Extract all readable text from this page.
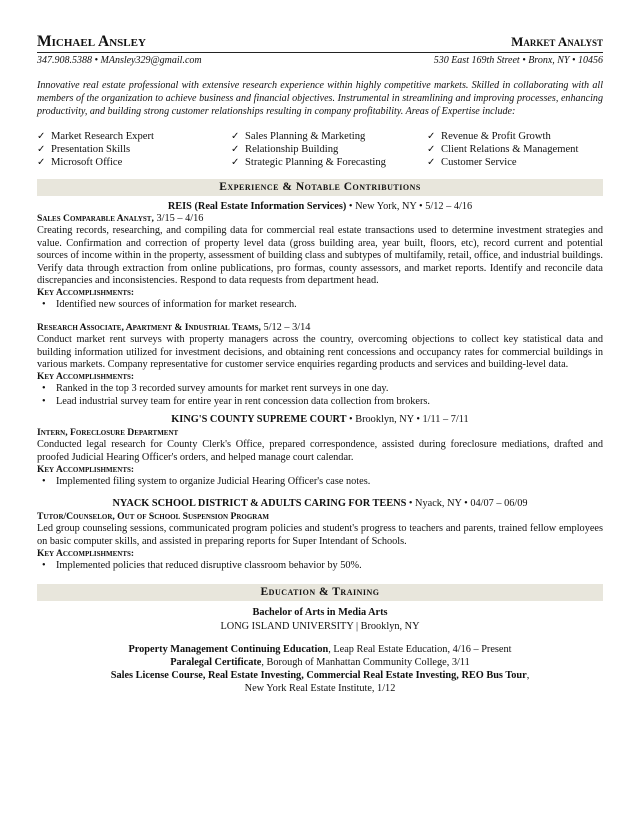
Michael Ansley	Market Analyst
347.908.5388 • MAnsley329@gmail.com	530 East 169th Street • Bronx, NY • 10456
Innovative real estate professional with extensive research experience within highly competitive markets. Skilled in collaborating with all members of the organization to achieve business and financial objectives. Instrumental in streamlining and improving processes, enhancing productivity, and building strong customer relationships resulting in company profitability. Areas of Expertise include:
✓ Market Research Expert	✓ Sales Planning & Marketing	✓ Revenue & Profit Growth
✓ Presentation Skills	✓ Relationship Building	✓ Client Relations & Management
✓ Microsoft Office	✓ Strategic Planning & Forecasting	✓ Customer Service
Experience & Notable Contributions
REIS (Real Estate Information Services) • New York, NY • 5/12 – 4/16
Sales Comparable Analyst, 3/15 – 4/16
Creating records, researching, and compiling data for commercial real estate transactions used to determine investment strategies and value. Confirmation and correction of property level data (gross building area, year built, floors, etc), record current and potential sources of income within in the property, assessment of building class and subtypes of multifamily, retail, office, and industrial buildings. Verify data through extraction from online publications, pro formas, county assessors, and market reports. Identify and reconcile data discrepancies and inconsistencies. Respond to data requests from department head.
Key Accomplishments:
• Identified new sources of information for market research.
Research Associate, Apartment & Industrial Teams, 5/12 – 3/14
Conduct market rent surveys with property managers across the country, overcoming objections to collect key statistical data and building information utilized for investment decisions, and obtaining rent concessions and occupancy rates for commercial buildings in various markets. Company representative for customer service enquiries regarding products and services and building-level data.
Key Accomplishments:
• Ranked in the top 3 recorded survey amounts for market rent surveys in one day.
• Lead industrial survey team for entire year in rent concession data collection from brokers.
KING'S COUNTY SUPREME COURT • Brooklyn, NY • 1/11 – 7/11
Intern, Foreclosure Department
Conducted legal research for County Clerk's Office, prepared correspondence, assisted during foreclosure mediations, drafted and proofed Judicial Hearing Officer's orders, and helped manage court calendar.
Key Accomplishments:
• Implemented filing system to organize Judicial Hearing Officer's case notes.
NYACK SCHOOL DISTRICT & ADULTS CARING FOR TEENS • Nyack, NY • 04/07 – 06/09
Tutor/Counselor, Out of School Suspension Program
Led group counseling sessions, communicated program policies and student's progress to teachers and parents, trained fellow employees on basic computer skills, and assisted in preparing reports for Super Intendant of Schools.
Key Accomplishments:
• Implemented policies that reduced disruptive classroom behavior by 50%.
Education & Training
Bachelor of Arts in Media Arts
LONG ISLAND UNIVERSITY | Brooklyn, NY
Property Management Continuing Education, Leap Real Estate Education, 4/16 – Present
Paralegal Certificate, Borough of Manhattan Community College, 3/11
Sales License Course, Real Estate Investing, Commercial Real Estate Investing, REO Bus Tour,
New York Real Estate Institute, 1/12
